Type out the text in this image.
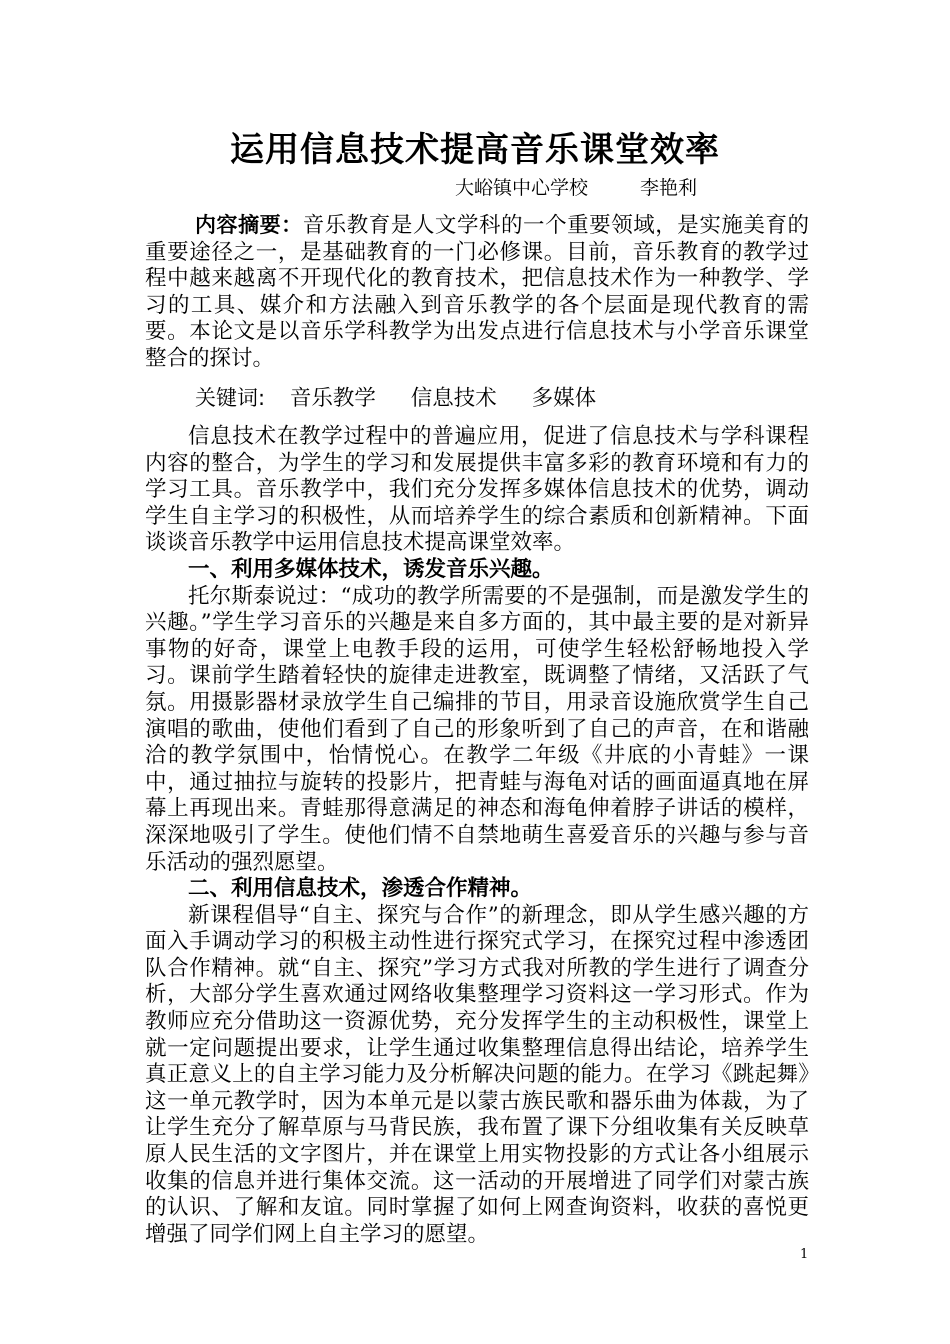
运用信息技术提高音乐课堂效率
大峪镇中心学校	李艳利
内容摘要：音乐教育是人文学科的一个重要领域，是实施美育的重要途径之一，是基础教育的一门必修课。目前，音乐教育的教学过程中越来越离不开现代化的教育技术，把信息技术作为一种教学、学习的工具、媒介和方法融入到音乐教学的各个层面是现代教育的需要。本论文是以音乐学科教学为出发点进行信息技术与小学音乐课堂整合的探讨。
关键词: 音乐教学 信息技术 多媒体

信息技术在教学过程中的普遍应用，促进了信息技术与学科课程内容的整合，为学生的学习和发展提供丰富多彩的教育环境和有力的学习工具。音乐教学中，我们充分发挥多媒体信息技术的优势，调动学生自主学习的积极性，从而培养学生的综合素质和创新精神。下面谈谈音乐教学中运用信息技术提高课堂效率。

一、利用多媒体技术，诱发音乐兴趣。

托尔斯泰说过：“成功的教学所需要的不是强制，而是激发学生的兴趣。”学生学习音乐的兴趣是来自多方面的，其中最主要的是对新异事物的好奇，课堂上电教手段的运用，可使学生轻松舒畅地投入学习。课前学生踏着轻快的旋律走进教室，既调整了情绪，又活跃了气氛。用摄影器材录放学生自己编排的节目，用录音设施欣赏学生自己演唱的歌曲，使他们看到了自己的形象听到了自己的声音，在和谐融洽的教学氛围中，怡情悦心。在教学二年级《井底的小青蛙》一课中，通过抽拉与旋转的投影片，把青蛙与海龟对话的画面逼真地在屏幕上再现出来。青蛙那得意满足的神态和海龟伸着脖子讲话的模样，深深地吸引了学生。使他们情不自禁地萌生喜爱音乐的兴趣与参与音乐活动的强烈愿望。

二、利用信息技术，渗透合作精神。

新课程倡导“自主、探究与合作”的新理念，即从学生感兴趣的方面入手调动学习的积极主动性进行探究式学习，在探究过程中渗透团队合作精神。就“自主、探究”学习方式我对所教的学生进行了调查分析，大部分学生喜欢通过网络收集整理学习资料这一学习形式。作为教师应充分借助这一资源优势，充分发挥学生的主动积极性，课堂上就一定问题提出要求，让学生通过收集整理信息得出结论，培养学生真正意义上的自主学习能力及分析解决问题的能力。在学习《跳起舞》这一单元教学时，因为本单元是以蒙古族民歌和器乐曲为体裁，为了让学生充分了解草原与马背民族，我布置了课下分组收集有关反映草原人民生活的文字图片，并在课堂上用实物投影的方式让各小组展示收集的信息并进行集体交流。这一活动的开展增进了同学们对蒙古族的认识、了解和友谊。同时掌握了如何上网查询资料，收获的喜悦更增强了同学们网上自主学习的愿望。

1
